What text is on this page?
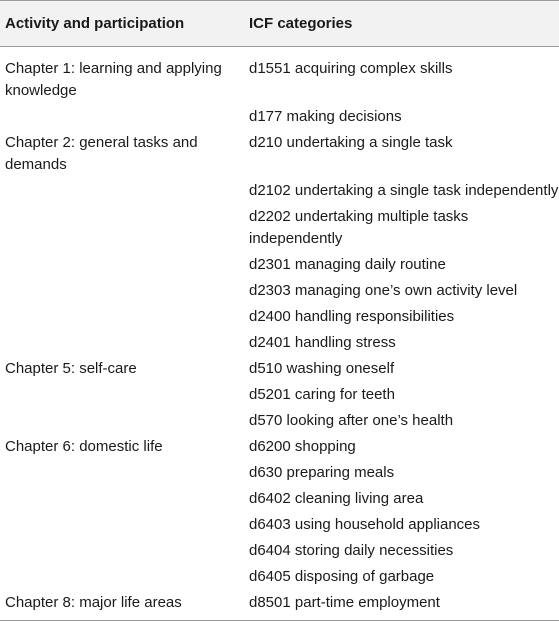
Activity and participation	ICF categories
Chapter 1: learning and applying knowledge	d1551 acquiring complex skills
	d177 making decisions
Chapter 2: general tasks and demands	d210 undertaking a single task
	d2102 undertaking a single task independently
	d2202 undertaking multiple tasks independently
	d2301 managing daily routine
	d2303 managing one’s own activity level
	d2400 handling responsibilities
	d2401 handling stress
Chapter 5: self-care	d510 washing oneself
	d5201 caring for teeth
	d570 looking after one’s health
Chapter 6: domestic life	d6200 shopping
	d630 preparing meals
	d6402 cleaning living area
	d6403 using household appliances
	d6404 storing daily necessities
	d6405 disposing of garbage
Chapter 8: major life areas	d8501 part-time employment
